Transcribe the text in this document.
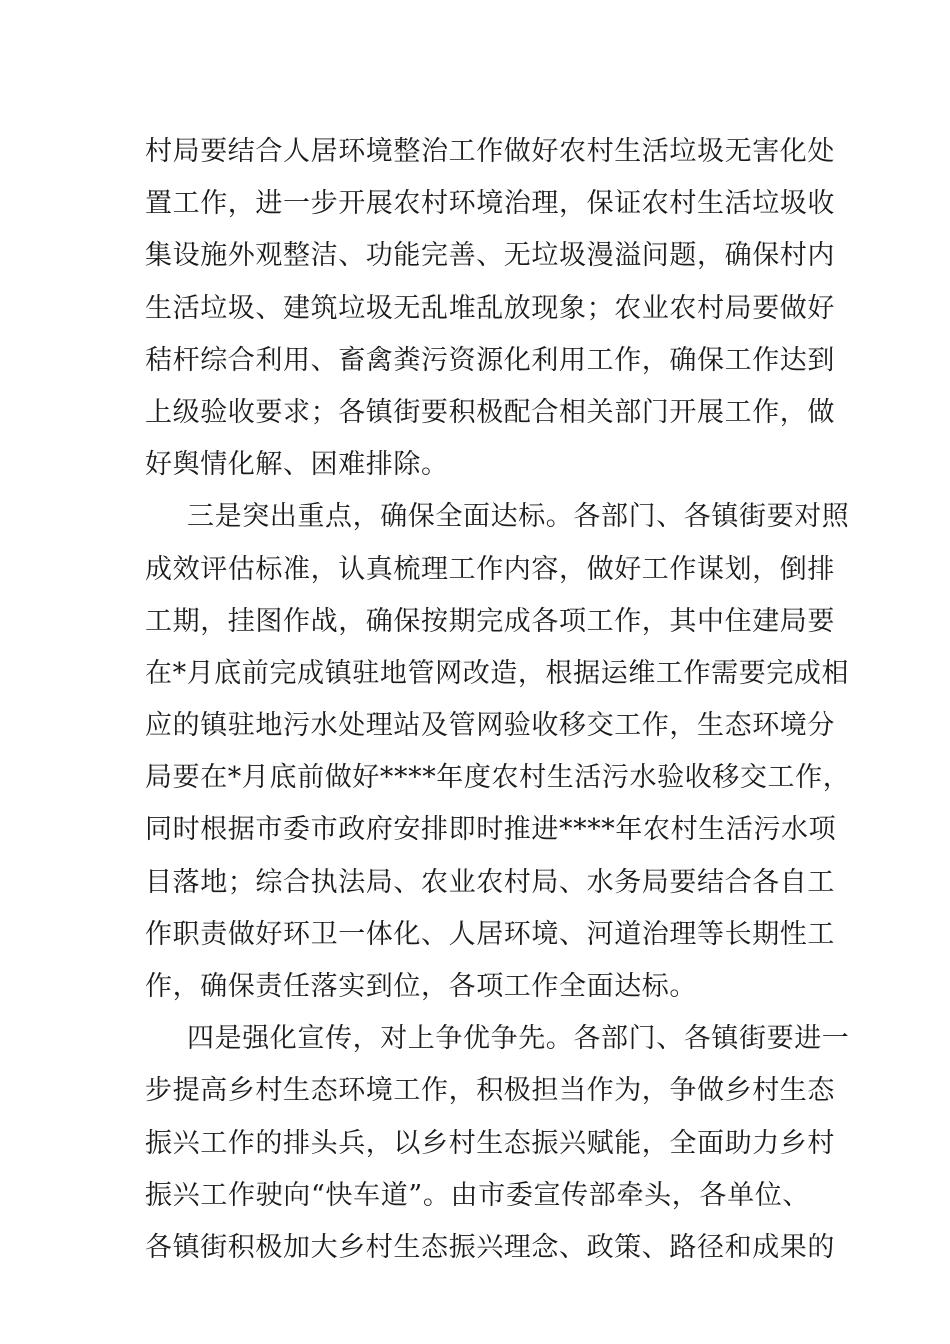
村局要结合人居环境整治工作做好农村生活垃圾无害化处
置工作，进一步开展农村环境治理，保证农村生活垃圾收
集设施外观整洁、功能完善、无垃圾漫溢问题，确保村内
生活垃圾、建筑垃圾无乱堆乱放现象；农业农村局要做好
秸杆综合利用、畜禽粪污资源化利用工作，确保工作达到
上级验收要求；各镇街要积极配合相关部门开展工作，做
好舆情化解、困难排除。
三是突出重点，确保全面达标。各部门、各镇街要对照
成效评估标准，认真梳理工作内容，做好工作谋划，倒排
工期，挂图作战，确保按期完成各项工作，其中住建局要
在*月底前完成镇驻地管网改造，根据运维工作需要完成相
应的镇驻地污水处理站及管网验收移交工作，生态环境分
局要在*月底前做好****年度农村生活污水验收移交工作，
同时根据市委市政府安排即时推进****年农村生活污水项
目落地；综合执法局、农业农村局、水务局要结合各自工
作职责做好环卫一体化、人居环境、河道治理等长期性工
作，确保责任落实到位，各项工作全面达标。
四是强化宣传，对上争优争先。各部门、各镇街要进一
步提高乡村生态环境工作，积极担当作为，争做乡村生态
振兴工作的排头兵，以乡村生态振兴赋能，全面助力乡村
振兴工作驶向“快车道”。由市委宣传部牵头，各单位、
各镇街积极加大乡村生态振兴理念、政策、路径和成果的
